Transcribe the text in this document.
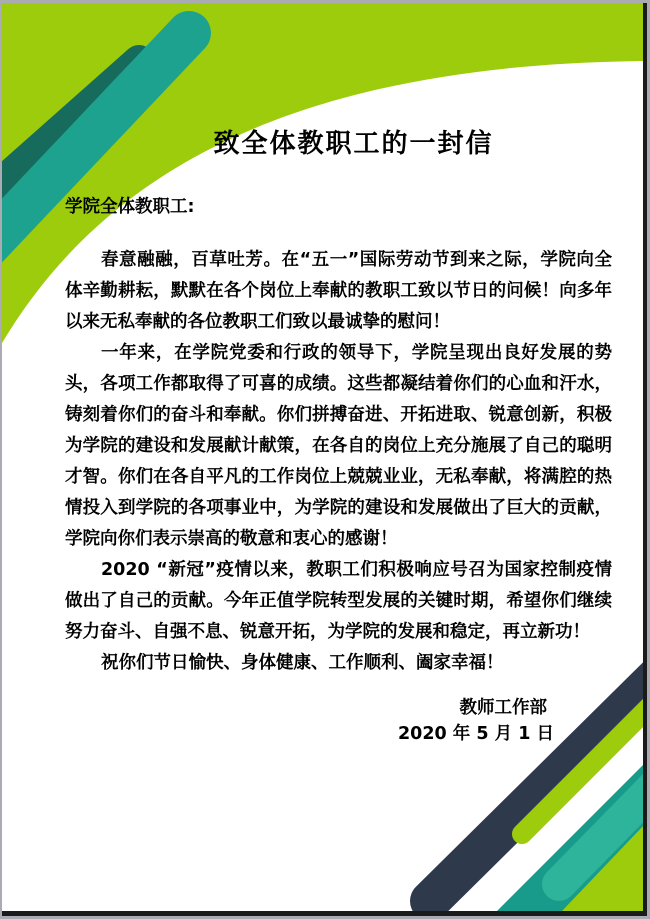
致全体教职工的一封信
学院全体教职工:

春意融融，百草吐芳。在“五一”国际劳动节到来之际，学院向全体辛勤耕耘，默默在各个岗位上奉献的教职工致以节日的问候！向多年以来无私奉献的各位教职工们致以最诚挚的慰问！

一年来，在学院党委和行政的领导下，学院呈现出良好发展的势头，各项工作都取得了可喜的成绩。这些都凝结着你们的心血和汗水，铸刻着你们的奋斗和奉献。你们拼搏奋进、开拓进取、锐意创新，积极为学院的建设和发展献计献策，在各自的岗位上充分施展了自己的聪明才智。你们在各自平凡的工作岗位上兢兢业业，无私奉献，将满腔的热情投入到学院的各项事业中，为学院的建设和发展做出了巨大的贡献，学院向你们表示崇高的敬意和衷心的感谢！

2020 “新冠”疫情以来，教职工们积极响应号召为国家控制疫情做出了自己的贡献。今年正值学院转型发展的关键时期，希望你们继续努力奋斗、自强不息、锐意开拓，为学院的发展和稳定，再立新功！

祝你们节日愉快、身体健康、工作顺利、阖家幸福！

教师工作部
2020 年 5 月 1 日
